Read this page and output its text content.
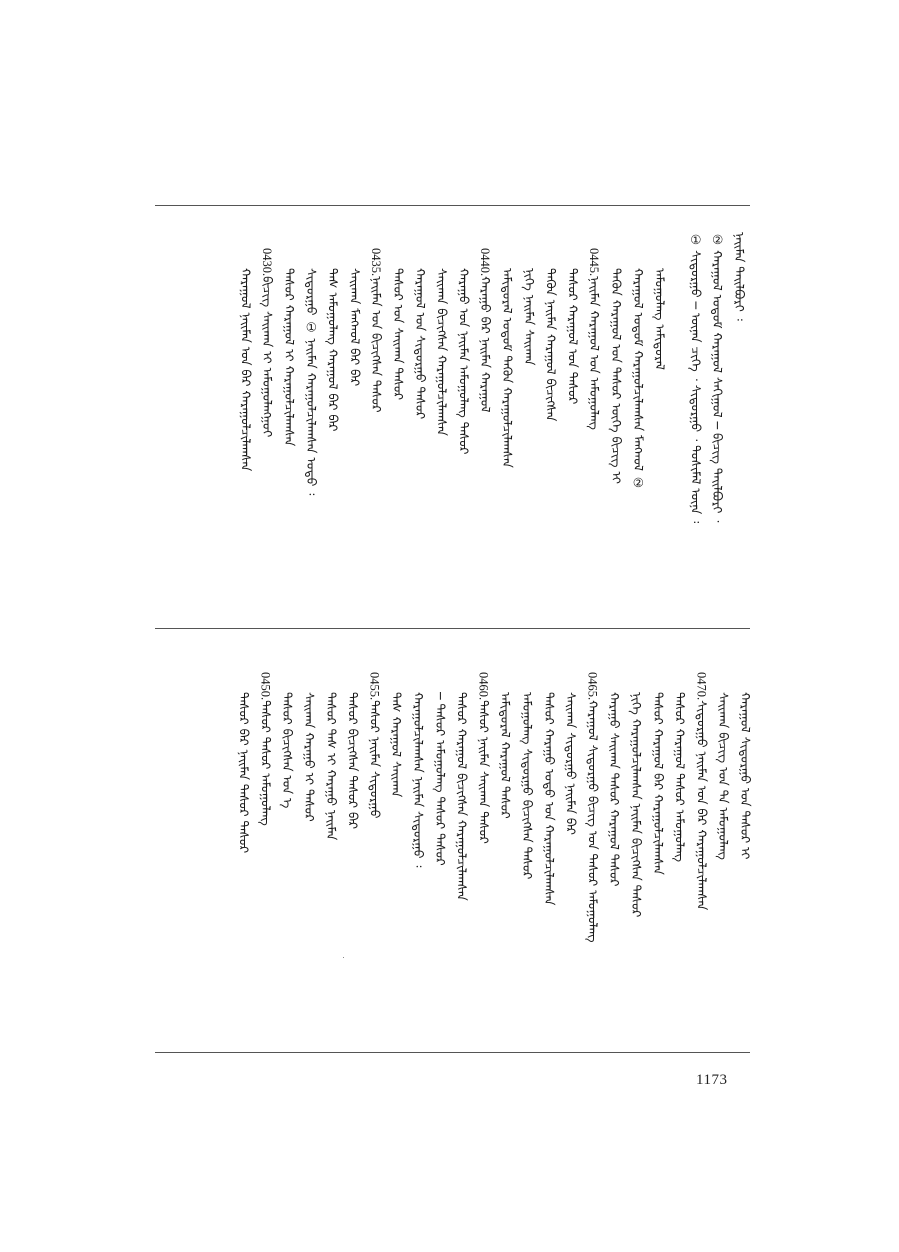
ᠨᠠᠢᠮᠠᠨ ᠲᠠᠢᠯᠪᠤᠷᠢ ᠄
② ᠬᠠᠷᠠᠭᠤᠯ ᠤᠳᠤᠮ ᠬᠠᠷᠠᠭᠤᠯ ᠰᠠᠬᠢᠭᠤᠯ ─ ᠪᠢᠴᠢᠭ᠌ ᠲᠠᠢᠯᠪᠤᠷᠢ ᠂
① ᠰᠢᠳᠤᠷᠭᠤ ─ ᠦᠨᠡᠨ ᠴᠢᠬᠡ ᠂ ᠰᠢᠳᠤᠷᠭᠤ ᠂ ᠲᠤᠰᠢᠮᠡᠯ ᠦᠨᠡ ᠄
ᠠᠮᠤᠭᠤᠯᠠᠩ ᠠᠮᠢᠳᠤᠷᠠᠯ
ᠬᠠᠷᠠᠭᠤᠯ ᠤᠳᠤᠮ ᠬᠠᠷᠠᠭᠤᠯᠴᠢᠯᠠᠭᠰᠠᠨ ᠮᠠᠩᠬᠤᠯ ②
ᠲᠡᠭᠦᠨ ᠬᠠᠷᠠᠭᠤᠯ ᠤᠨ ᠲᠠᠰᠤᠷ ᠦᠭᠡ ᠪᠢᠴᠢᠭ᠌ ᠢ
0445.ᠨᠠᠢᠮᠠᠨ ᠬᠠᠷᠠᠭᠤᠯ ᠤᠨ ᠠᠮᠤᠭᠤᠯᠠᠩ
ᠲᠠᠰᠤᠷ ᠬᠠᠷᠠᠭᠤᠯ ᠤᠨ ᠲᠠᠰᠤᠷ
ᠲᠡᠭᠦᠨ ᠨᠠᠢᠮᠠᠨ ᠬᠠᠷᠠᠭᠤᠯ ᠪᠢᠴᠢᠭᠰᠡᠨ
ᠨᠢᠭᠡ ᠨᠠᠢᠮᠠᠨ ᠰᠠᠢᠬᠠᠨ
ᠠᠮᠢᠳᠤᠷᠠᠯ ᠤᠳᠤᠮ ᠲᠡᠭᠦᠨ ᠬᠠᠷᠠᠭᠤᠯᠴᠢᠯᠠᠭᠰᠠᠨ
0440.ᠬᠠᠷᠠᠭᠤ ᠪᠡᠷ ᠨᠠᠢᠮᠠᠨ ᠬᠠᠷᠠᠭᠤᠯ
ᠬᠠᠷᠠᠭᠤ ᠤᠨ ᠨᠠᠢᠮᠠᠨ ᠠᠮᠤᠭᠤᠯᠠᠩ ᠲᠠᠰᠤᠷ
ᠰᠠᠢᠬᠠᠨ ᠪᠢᠴᠢᠭᠰᠡᠨ ᠬᠠᠷᠠᠭᠤᠯᠴᠢᠯᠠᠭᠰᠠᠨ
ᠬᠠᠷᠠᠭᠤᠯ ᠤᠨ ᠰᠢᠳᠤᠷᠭᠤ ᠲᠠᠰᠤᠷ
ᠲᠠᠰᠤᠷ ᠤᠨ ᠰᠠᠢᠬᠠᠨ ᠲᠠᠰᠤᠷ
0435.ᠨᠠᠢᠮᠠᠨ ᠤᠨ ᠪᠢᠴᠢᠭᠰᠡᠨ ᠲᠠᠰᠤᠷ
ᠰᠠᠢᠬᠠᠨ ᠮᠠᠩᠬᠤᠯ ᠪᠡᠷ ᠪᠠᠷ
ᠲᠠᠰ ᠠᠮᠤᠭᠤᠯᠠᠩ ᠬᠠᠷᠠᠭᠤᠯ ᠪᠡᠷ ᠪᠠᠷ
ᠰᠢᠳᠤᠷᠭᠤ ① ᠨᠠᠢᠮᠠᠨ ᠬᠠᠷᠠᠭᠤᠯᠴᠢᠯᠠᠭᠰᠠᠨ ᠤᠳᠤ ᠄
ᠲᠠᠰᠤᠷ ᠬᠠᠷᠠᠭᠤᠯ ᠢ ᠬᠠᠷᠠᠭᠤᠯᠴᠢᠯᠠᠭᠰᠠᠨ
0430.ᠪᠢᠴᠢᠭ᠌ ᠰᠠᠢᠬᠠᠨ ᠢ ᠠᠮᠤᠭᠤᠯᠠᠩᠭᠤᠢ
ᠬᠠᠷᠠᠭᠤᠯ ᠨᠠᠢᠮᠠᠨ ᠤᠨ ᠪᠡᠷ ᠬᠠᠷᠠᠭᠤᠯᠴᠢᠯᠠᠭᠰᠠᠨ
ᠬᠠᠷᠠᠭᠤᠯ ᠰᠢᠳᠤᠷᠭᠤ ᠤᠨ ᠲᠠᠰᠤᠷ ᠢ
ᠰᠠᠢᠬᠠᠨ ᠪᠢᠴᠢᠭ᠌ ᠤᠨ ᠲᠠ ᠠᠮᠤᠭᠤᠯᠠᠩ
0470.ᠰᠢᠳᠤᠷᠭᠤ ᠨᠠᠢᠮᠠᠨ ᠤᠨ ᠪᠡᠷ ᠬᠠᠷᠠᠭᠤᠯᠴᠢᠯᠠᠭᠰᠠᠨ
ᠲᠠᠰᠤᠷ ᠬᠠᠷᠠᠭᠤᠯ ᠲᠠᠰᠤᠷ ᠠᠮᠤᠭᠤᠯᠠᠩ
ᠲᠠᠰᠤᠷ ᠬᠠᠷᠠᠭᠤᠯ ᠪᠡᠷ ᠬᠠᠷᠠᠭᠤᠯᠴᠢᠯᠠᠭᠰᠠᠨ
ᠨᠢᠭᠡ ᠬᠠᠷᠠᠭᠤᠯᠴᠢᠯᠠᠭᠰᠠᠨ ᠨᠠᠢᠮᠠᠨ ᠪᠢᠴᠢᠭᠰᠡᠨ ᠲᠠᠰᠤᠷ
ᠬᠠᠷᠠᠭᠤ ᠰᠠᠢᠬᠠᠨ ᠲᠠᠰᠤᠷ ᠬᠠᠷᠠᠭᠤᠯ ᠲᠠᠰᠤᠷ
0465.ᠬᠠᠷᠠᠭᠤᠯ ᠰᠢᠳᠤᠷᠭᠤ ᠪᠢᠴᠢᠭ᠌ ᠤᠨ ᠲᠠᠰᠤᠷ ᠠᠮᠤᠭᠤᠯᠠᠩ
ᠰᠠᠢᠬᠠᠨ ᠰᠢᠳᠤᠷᠭᠤ ᠨᠠᠢᠮᠠᠨ ᠪᠡᠷ
ᠲᠠᠰᠤᠷ ᠬᠠᠷᠠᠭᠤ ᠤᠳᠤ ᠤᠨ ᠬᠠᠷᠠᠭᠤᠯᠴᠢᠯᠠᠭᠰᠠᠨ
ᠠᠮᠤᠭᠤᠯᠠᠩ ᠰᠢᠳᠤᠷᠭᠤ ᠪᠢᠴᠢᠭᠰᠡᠨ ᠲᠠᠰᠤᠷ
ᠠᠮᠢᠳᠤᠷᠠᠯ ᠬᠠᠷᠠᠭᠤᠯ ᠲᠠᠰᠤᠷ
0460.ᠲᠠᠰᠤᠷ ᠨᠠᠢᠮᠠᠨ ᠰᠠᠢᠬᠠᠨ ᠲᠠᠰᠤᠷ
ᠲᠠᠰᠤᠷ ᠬᠠᠷᠠᠭᠤᠯ ᠪᠢᠴᠢᠭᠰᠡᠨ ᠬᠠᠷᠠᠭᠤᠯᠴᠢᠯᠠᠭᠰᠠᠨ
─ ᠲᠠᠰᠤᠷ ᠠᠮᠤᠭᠤᠯᠠᠩ ᠲᠠᠰᠤᠷ ᠲᠠᠰᠤᠷ
ᠬᠠᠷᠠᠭᠤᠯᠴᠢᠯᠠᠭᠰᠠᠨ ᠨᠠᠢᠮᠠᠨ ᠰᠢᠳᠤᠷᠭᠤ ᠄
ᠲᠠᠰ ᠬᠠᠷᠠᠭᠤᠯ ᠰᠠᠢᠬᠠᠨ
0455.ᠲᠠᠰᠤᠷ ᠨᠠᠢᠮᠠᠨ ᠰᠢᠳᠤᠷᠭᠤ
ᠲᠠᠰᠤᠷ ᠪᠢᠴᠢᠭᠰᠡᠨ ᠲᠠᠰᠤᠷ ᠪᠡᠷ
ᠲᠠᠰᠤᠷ ᠲᠠᠰ ᠢ ᠬᠠᠷᠠᠭᠤ ᠨᠠᠢᠮᠠᠨ
ᠰᠠᠢᠬᠠᠨ ᠬᠠᠷᠠᠭᠤ ᠢ ᠲᠠᠰᠤᠷ
ᠲᠠᠰᠤᠷ ᠪᠢᠴᠢᠭᠰᠡᠨ ᠤᠨ ᠡ
0450.ᠲᠠᠰᠤᠷ ᠲᠠᠰᠤᠷ ᠠᠮᠤᠭᠤᠯᠠᠩ
ᠲᠠᠰᠤᠷ ᠪᠡᠷ ᠨᠠᠢᠮᠠᠨ ᠲᠠᠰᠤᠷ ᠲᠠᠰᠤᠷ
1173
